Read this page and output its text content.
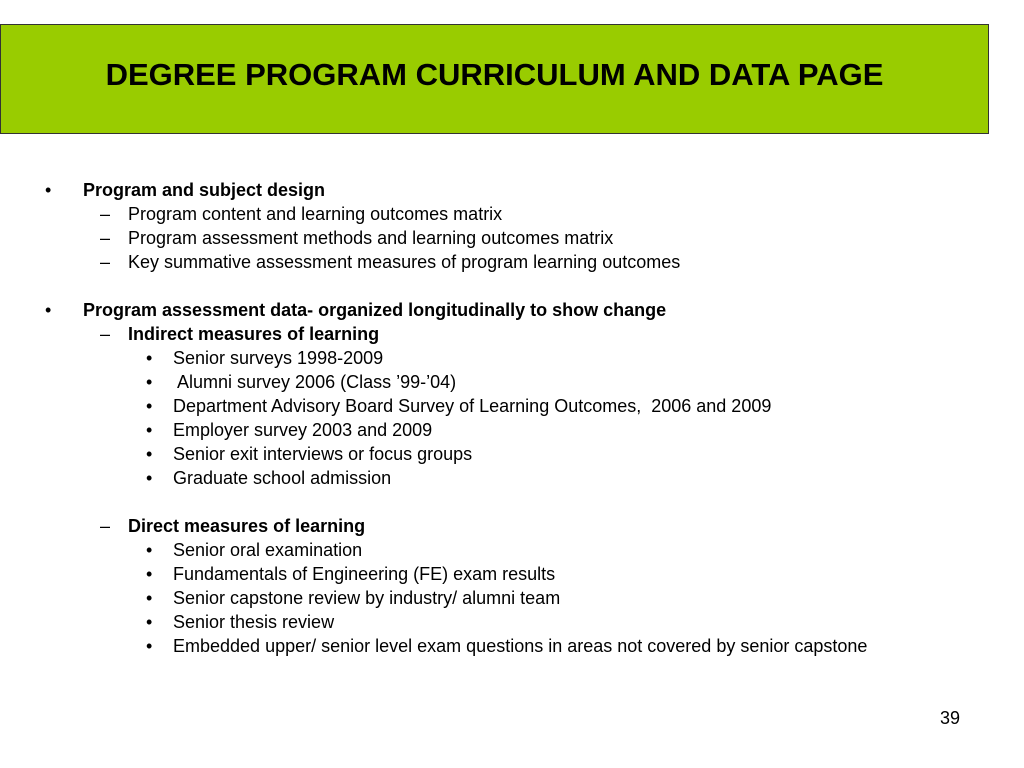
DEGREE PROGRAM CURRICULUM AND DATA PAGE
• Program and subject design
– Program content and learning outcomes matrix
– Program assessment methods and learning outcomes matrix
– Key summative assessment measures of program learning outcomes
• Program assessment data- organized longitudinally to show change
– Indirect measures of learning
• Senior surveys 1998-2009
• Alumni survey 2006 (Class ’99-’04)
• Department Advisory Board Survey of Learning Outcomes,  2006 and 2009
• Employer survey 2003 and 2009
• Senior exit interviews or focus groups
• Graduate school admission
– Direct measures of learning
• Senior oral examination
• Fundamentals of Engineering (FE) exam results
• Senior capstone review by industry/ alumni team
• Senior thesis review
• Embedded upper/ senior level exam questions in areas not covered by senior capstone
39
